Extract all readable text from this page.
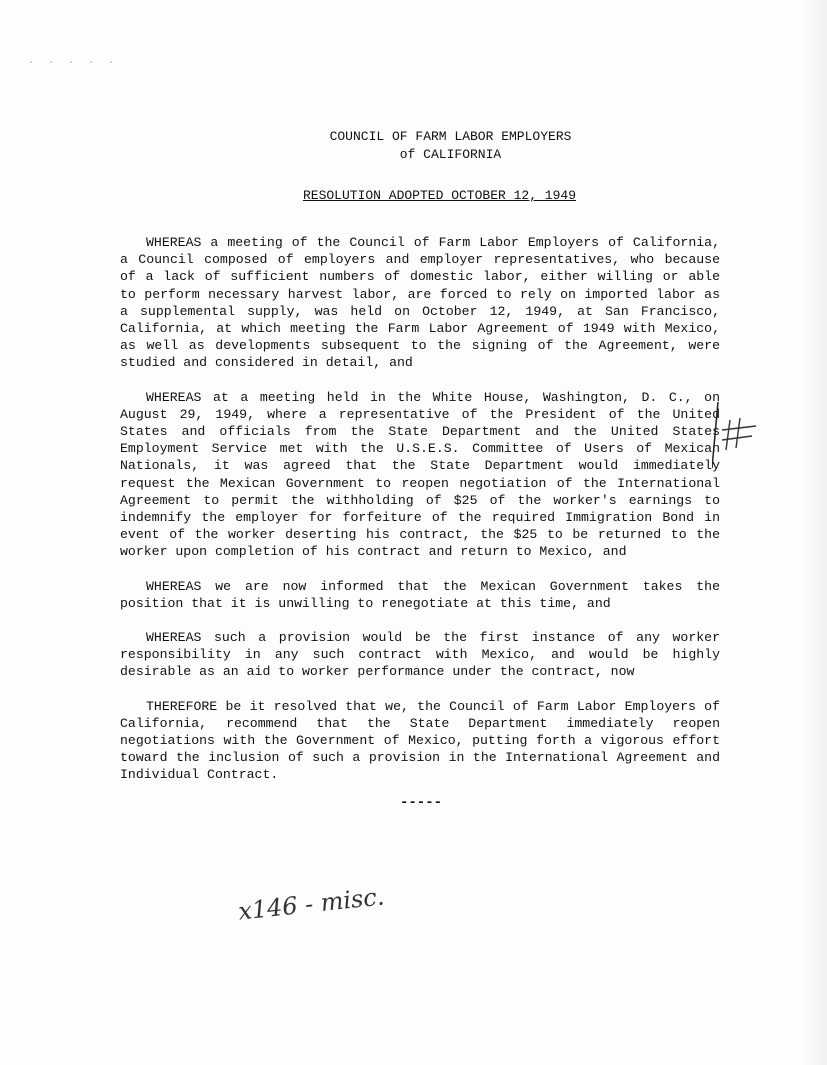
· · · · ·
COUNCIL OF FARM LABOR EMPLOYERS
of CALIFORNIA
RESOLUTION ADOPTED OCTOBER 12, 1949

WHEREAS a meeting of the Council of Farm Labor Employers of California, a Council composed of employers and employer representatives, who because of a lack of sufficient numbers of domestic labor, either willing or able to perform necessary harvest labor, are forced to rely on imported labor as a supplemental supply, was held on October 12, 1949, at San Francisco, California, at which meeting the Farm Labor Agreement of 1949 with Mexico, as well as developments subsequent to the signing of the Agreement, were studied and considered in detail, and

WHEREAS at a meeting held in the White House, Washington, D. C., on August 29, 1949, where a representative of the President of the United States and officials from the State Department and the United States Employment Service met with the U.S.E.S. Committee of Users of Mexican Nationals, it was agreed that the State Department would immediately request the Mexican Government to reopen negotiation of the International Agreement to permit the withholding of $25 of the worker's earnings to indemnify the employer for forfeiture of the required Immigration Bond in event of the worker deserting his contract, the $25 to be returned to the worker upon completion of his contract and return to Mexico, and

WHEREAS we are now informed that the Mexican Government takes the position that it is unwilling to renegotiate at this time, and

WHEREAS such a provision would be the first instance of any worker responsibility in any such contract with Mexico, and would be highly desirable as an aid to worker performance under the contract, now

THEREFORE be it resolved that we, the Council of Farm Labor Employers of California, recommend that the State Department immediately reopen negotiations with the Government of Mexico, putting forth a vigorous effort toward the inclusion of such a provision in the International Agreement and Individual Contract.

-----
x146 - misc.
